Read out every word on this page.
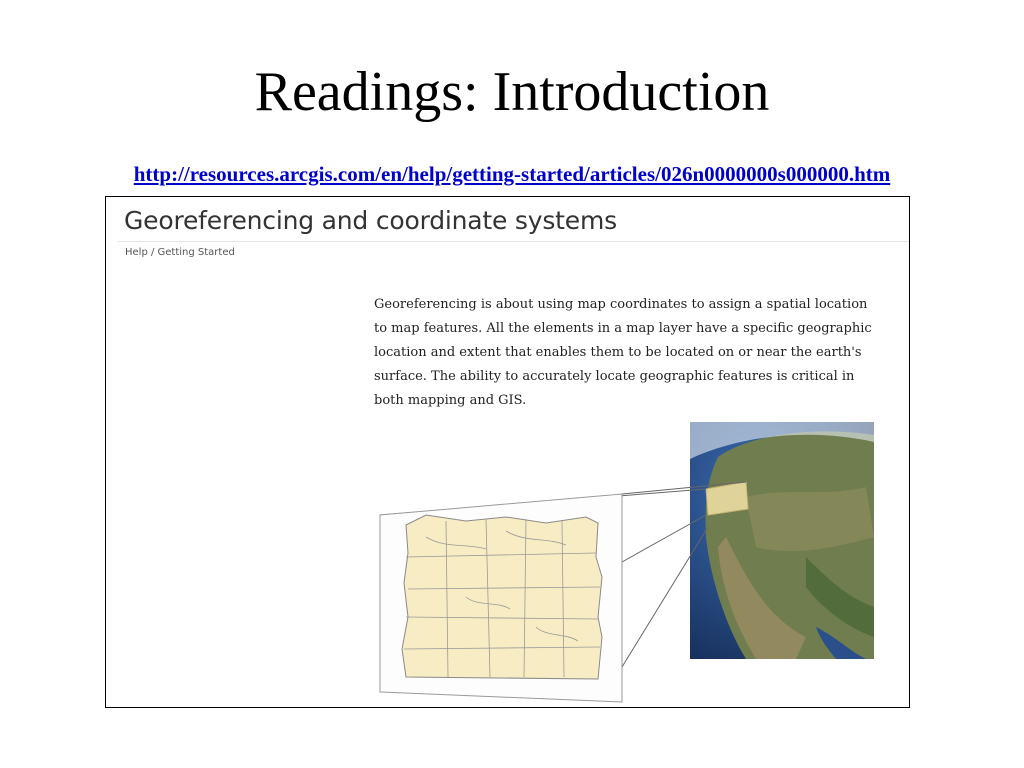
Readings: Introduction
http://resources.arcgis.com/en/help/getting-started/articles/026n0000000s000000.htm
Georeferencing and coordinate systems
Help / Getting Started
Georeferencing is about using map coordinates to assign a spatial location to map features. All the elements in a map layer have a specific geographic location and extent that enables them to be located on or near the earth's surface. The ability to accurately locate geographic features is critical in both mapping and GIS.
